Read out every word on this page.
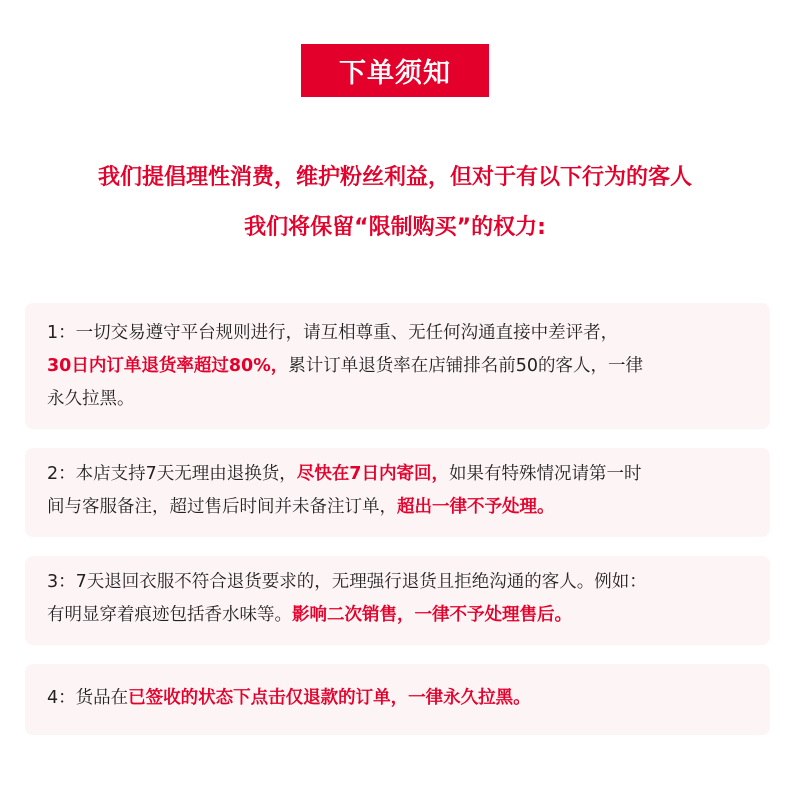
下单须知
我们提倡理性消费，维护粉丝利益，但对于有以下行为的客人
我们将保留“限制购买”的权力:
1：一切交易遵守平台规则进行，请互相尊重、无任何沟通直接中差评者，
30日内订单退货率超过80%，累计订单退货率在店铺排名前50的客人，一律
永久拉黑。
2：本店支持7天无理由退换货，尽快在7日内寄回，如果有特殊情况请第一时
间与客服备注，超过售后时间并未备注订单，超出一律不予处理。
3：7天退回衣服不符合退货要求的，无理强行退货且拒绝沟通的客人。例如：
有明显穿着痕迹包括香水味等。影响二次销售，一律不予处理售后。
4：货品在已签收的状态下点击仅退款的订单，一律永久拉黑。
